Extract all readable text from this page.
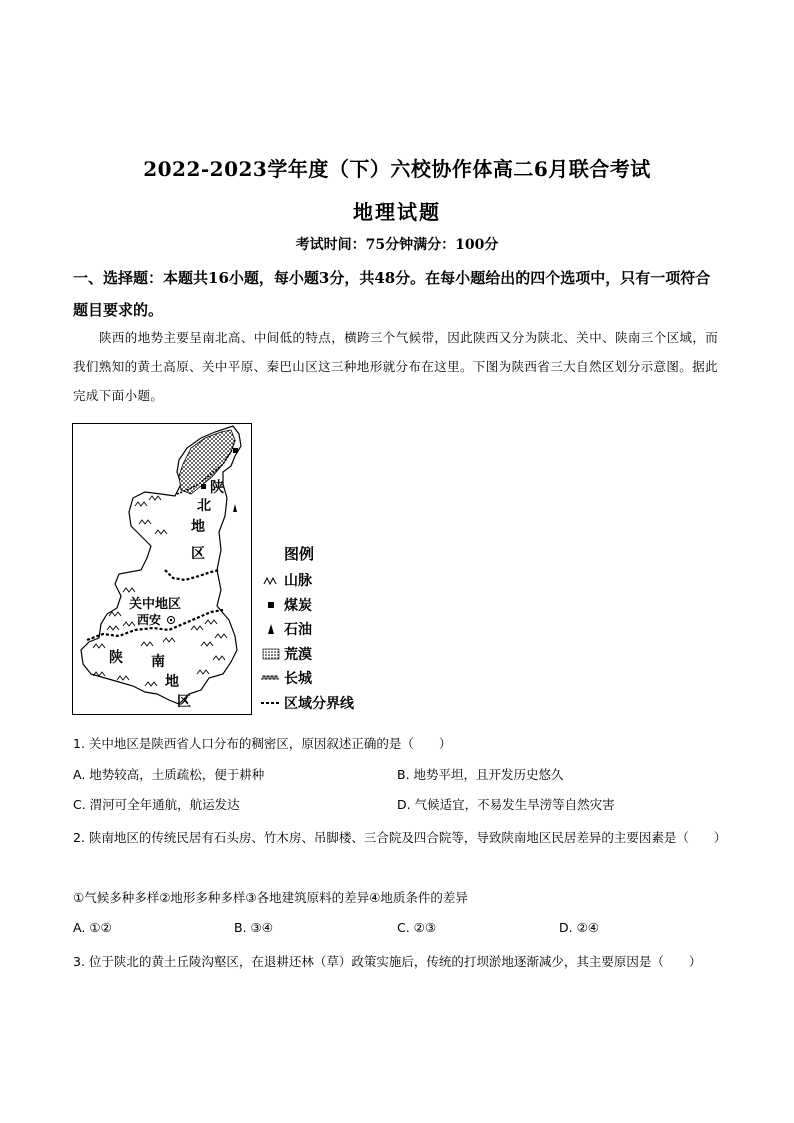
2022-2023学年度（下）六校协作体高二6月联合考试
地理试题
考试时间：75分钟满分：100分
一、选择题：本题共16小题，每小题3分，共48分。在每小题给出的四个选项中，只有一项符合题目要求的。
陕西的地势主要呈南北高、中间低的特点，横跨三个气候带，因此陕西又分为陕北、关中、陕南三个区域，而我们熟知的黄土高原、关中平原、秦巴山区这三种地形就分布在这里。下图为陕西省三大自然区划分示意图。据此完成下面小题。
陕
北
地
区
关中地区
西安
陕 南
地
区
图例
山脉
煤炭
石油
荒漠
长城
区域分界线
1. 关中地区是陕西省人口分布的稠密区，原因叙述正确的是（　　）
A. 地势较高，土质疏松，便于耕种	B. 地势平坦，且开发历史悠久
C. 渭河可全年通航，航运发达	D. 气候适宜，不易发生旱涝等自然灾害
2. 陕南地区的传统民居有石头房、竹木房、吊脚楼、三合院及四合院等，导致陕南地区民居差异的主要因素是（　　）
①气候多种多样②地形多种多样③各地建筑原料的差异④地质条件的差异
A. ①②	B. ③④	C. ②③	D. ②④
3. 位于陕北的黄土丘陵沟壑区，在退耕还林（草）政策实施后，传统的打坝淤地逐渐减少，其主要原因是（　　）
